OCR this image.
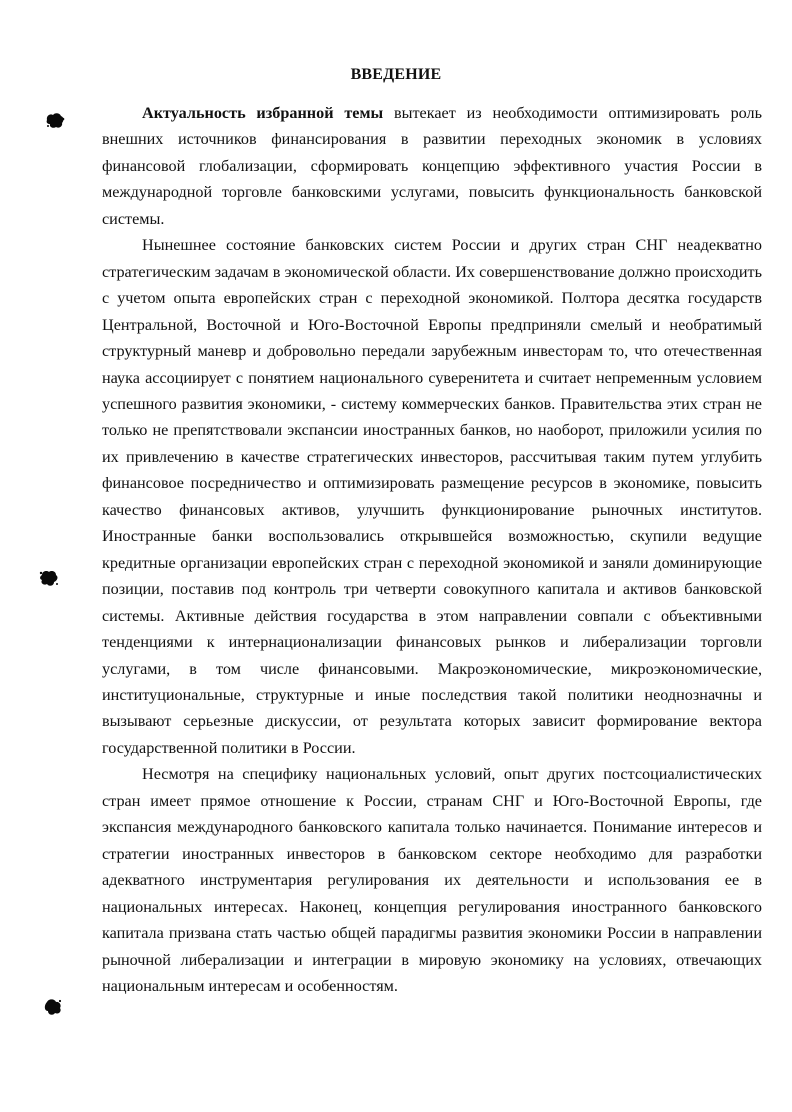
ВВЕДЕНИЕ

Актуальность избранной темы вытекает из необходимости оптимизировать роль внешних источников финансирования в развитии переходных экономик в условиях финансовой глобализации, сформировать концепцию эффективного участия России в международной торговле банковскими услугами, повысить функциональность банковской системы.

Нынешнее состояние банковских систем России и других стран СНГ неадекватно стратегическим задачам в экономической области. Их совершенствование должно происходить с учетом опыта европейских стран с переходной экономикой. Полтора десятка государств Центральной, Восточной и Юго-Восточной Европы предприняли смелый и необратимый структурный маневр и добровольно передали зарубежным инвесторам то, что отечественная наука ассоциирует с понятием национального суверенитета и считает непременным условием успешного развития экономики, - систему коммерческих банков. Правительства этих стран не только не препятствовали экспансии иностранных банков, но наоборот, приложили усилия по их привлечению в качестве стратегических инвесторов, рассчитывая таким путем углубить финансовое посредничество и оптимизировать размещение ресурсов в экономике, повысить качество финансовых активов, улучшить функционирование рыночных институтов. Иностранные банки воспользовались открывшейся возможностью, скупили ведущие кредитные организации европейских стран с переходной экономикой и заняли доминирующие позиции, поставив под контроль три четверти совокупного капитала и активов банковской системы. Активные действия государства в этом направлении совпали с объективными тенденциями к интернационализации финансовых рынков и либерализации торговли услугами, в том числе финансовыми. Макроэкономические, микроэкономические, институциональные, структурные и иные последствия такой политики неоднозначны и вызывают серьезные дискуссии, от результата которых зависит формирование вектора государственной политики в России.

Несмотря на специфику национальных условий, опыт других постсоциалистических стран имеет прямое отношение к России, странам СНГ и Юго-Восточной Европы, где экспансия международного банковского капитала только начинается. Понимание интересов и стратегии иностранных инвесторов в банковском секторе необходимо для разработки адекватного инструментария регулирования их деятельности и использования ее в национальных интересах. Наконец, концепция регулирования иностранного банковского капитала призвана стать частью общей парадигмы развития экономики России в направлении рыночной либерализации и интеграции в мировую экономику на условиях, отвечающих национальным интересам и особенностям.
